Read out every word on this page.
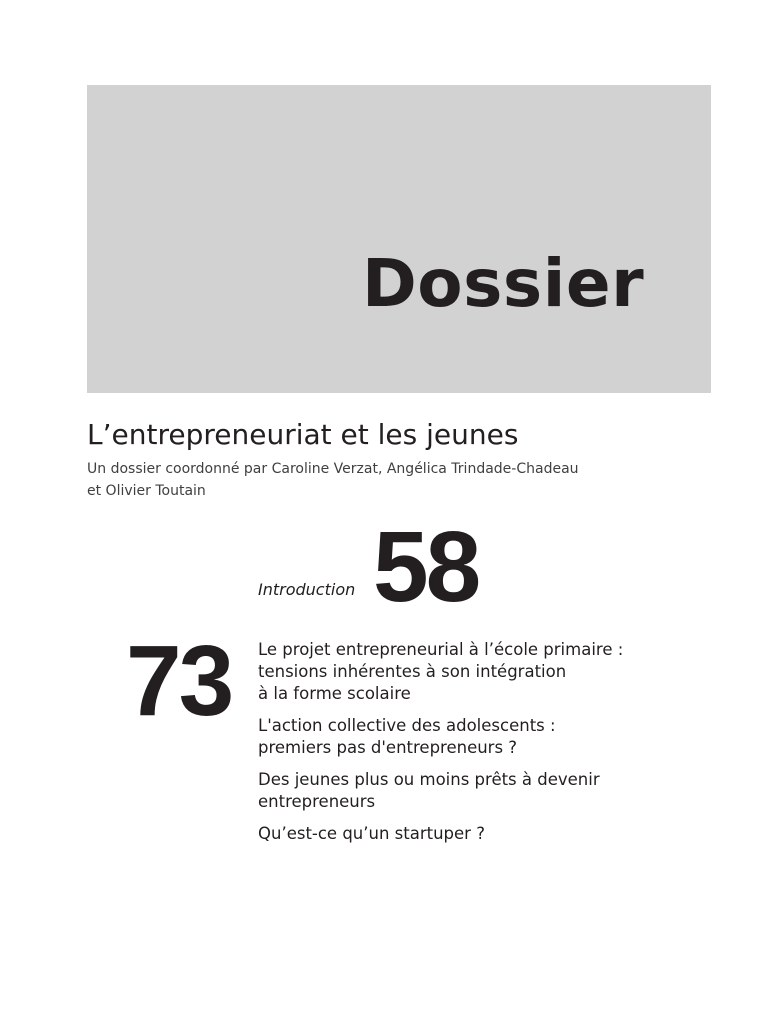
Dossier
L’entrepreneuriat et les jeunes

Un dossier coordonné par Caroline Verzat, Angélica Trindade-Chadeau
et Olivier Toutain

Introduction 58
73 Le projet entrepreneurial à l’école primaire :
tensions inhérentes à son intégration
à la forme scolaire
L'action collective des adolescents :
premiers pas d'entrepreneurs ?
Des jeunes plus ou moins prêts à devenir
entrepreneurs
Qu’est-ce qu’un startuper ?
